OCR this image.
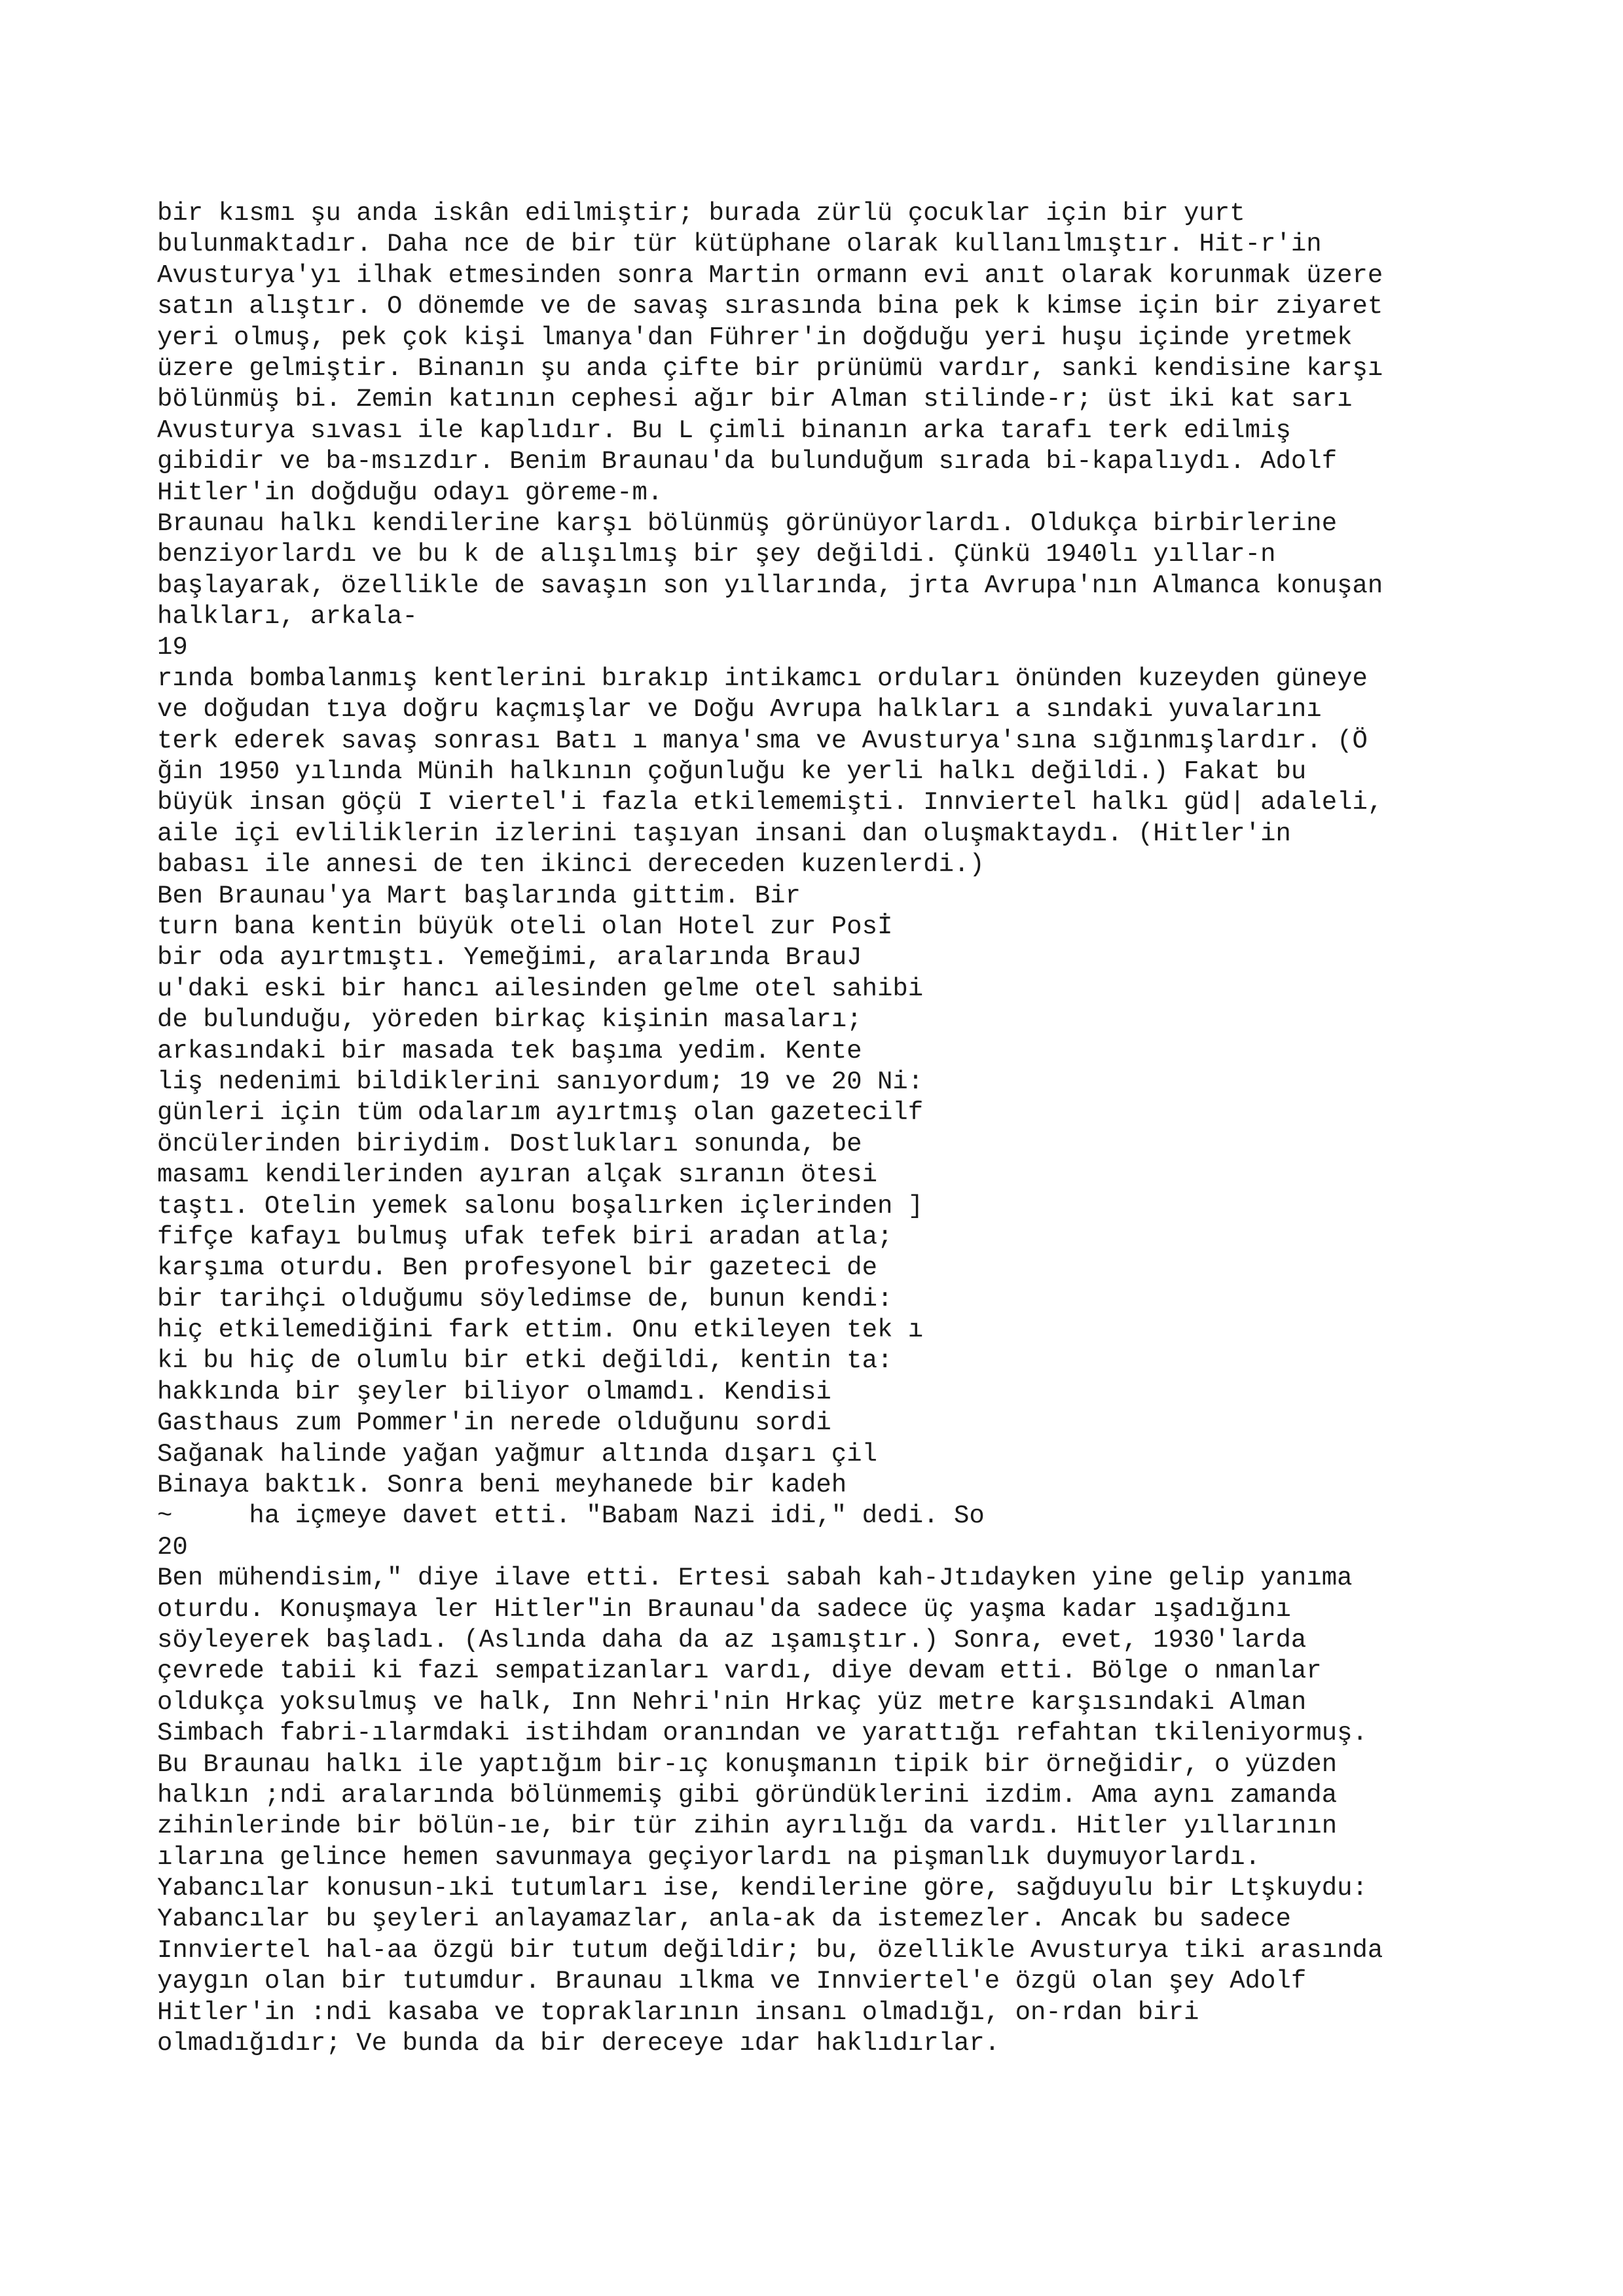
bir kısmı şu anda iskân edilmiştir; burada zürlü çocuklar için bir yurt
bulunmaktadır. Daha nce de bir tür kütüphane olarak kullanılmıştır. Hit-r'in
Avusturya'yı ilhak etmesinden sonra Martin ormann evi anıt olarak korunmak üzere
satın alıştır. O dönemde ve de savaş sırasında bina pek k kimse için bir ziyaret
yeri olmuş, pek çok kişi lmanya'dan Führer'in doğduğu yeri huşu içinde yretmek
üzere gelmiştir. Binanın şu anda çifte bir prünümü vardır, sanki kendisine karşı
bölünmüş bi. Zemin katının cephesi ağır bir Alman stilinde-r; üst iki kat sarı
Avusturya sıvası ile kaplıdır. Bu L çimli binanın arka tarafı terk edilmiş
gibidir ve ba-msızdır. Benim Braunau'da bulunduğum sırada bi-kapalıydı. Adolf
Hitler'in doğduğu odayı göreme-m.
Braunau halkı kendilerine karşı bölünmüş görünüyorlardı. Oldukça birbirlerine
benziyorlardı ve bu k de alışılmış bir şey değildi. Çünkü 1940lı yıllar-n
başlayarak, özellikle de savaşın son yıllarında, jrta Avrupa'nın Almanca konuşan
halkları, arkala-
19
rında bombalanmış kentlerini bırakıp intikamcı orduları önünden kuzeyden güneye
ve doğudan tıya doğru kaçmışlar ve Doğu Avrupa halkları a sındaki yuvalarını
terk ederek savaş sonrası Batı ı manya'sma ve Avusturya'sına sığınmışlardır. (Ö
ğin 1950 yılında Münih halkının çoğunluğu ke yerli halkı değildi.) Fakat bu
büyük insan göçü I viertel'i fazla etkilememişti. Innviertel halkı güd| adaleli,
aile içi evliliklerin izlerini taşıyan insani dan oluşmaktaydı. (Hitler'in
babası ile annesi de ten ikinci dereceden kuzenlerdi.)
Ben Braunau'ya Mart başlarında gittim. Bir
turn bana kentin büyük oteli olan Hotel zur Posİ
bir oda ayırtmıştı. Yemeğimi, aralarında BrauJ
u'daki eski bir hancı ailesinden gelme otel sahibi
de bulunduğu, yöreden birkaç kişinin masaları;
arkasındaki bir masada tek başıma yedim. Kente
liş nedenimi bildiklerini sanıyordum; 19 ve 20 Ni:
günleri için tüm odalarım ayırtmış olan gazetecilf
öncülerinden biriydim. Dostlukları sonunda, be
masamı kendilerinden ayıran alçak sıranın ötesi
taştı. Otelin yemek salonu boşalırken içlerinden ]
fifçe kafayı bulmuş ufak tefek biri aradan atla;
karşıma oturdu. Ben profesyonel bir gazeteci de
bir tarihçi olduğumu söyledimse de, bunun kendi:
hiç etkilemediğini fark ettim. Onu etkileyen tek ı
ki bu hiç de olumlu bir etki değildi, kentin ta:
hakkında bir şeyler biliyor olmamdı. Kendisi
Gasthaus zum Pommer'in nerede olduğunu sordi
Sağanak halinde yağan yağmur altında dışarı çil
Binaya baktık. Sonra beni meyhanede bir kadeh
~     ha içmeye davet etti. "Babam Nazi idi," dedi. So
20
Ben mühendisim," diye ilave etti. Ertesi sabah kah-Jtıdayken yine gelip yanıma
oturdu. Konuşmaya ler Hitler"in Braunau'da sadece üç yaşma kadar ışadığını
söyleyerek başladı. (Aslında daha da az ışamıştır.) Sonra, evet, 1930'larda
çevrede tabii ki fazi sempatizanları vardı, diye devam etti. Bölge o nmanlar
oldukça yoksulmuş ve halk, Inn Nehri'nin Hrkaç yüz metre karşısındaki Alman
Simbach fabri-ılarmdaki istihdam oranından ve yarattığı refahtan tkileniyormuş.
Bu Braunau halkı ile yaptığım bir-ıç konuşmanın tipik bir örneğidir, o yüzden
halkın ;ndi aralarında bölünmemiş gibi göründüklerini izdim. Ama aynı zamanda
zihinlerinde bir bölün-ıe, bir tür zihin ayrılığı da vardı. Hitler yıllarının
ılarına gelince hemen savunmaya geçiyorlardı na pişmanlık duymuyorlardı.
Yabancılar konusun-ıki tutumları ise, kendilerine göre, sağduyulu bir Ltşkuydu:
Yabancılar bu şeyleri anlayamazlar, anla-ak da istemezler. Ancak bu sadece
Innviertel hal-aa özgü bir tutum değildir; bu, özellikle Avusturya tiki arasında
yaygın olan bir tutumdur. Braunau ılkma ve Innviertel'e özgü olan şey Adolf
Hitler'in :ndi kasaba ve topraklarının insanı olmadığı, on-rdan biri
olmadığıdır; Ve bunda da bir dereceye ıdar haklıdırlar.
